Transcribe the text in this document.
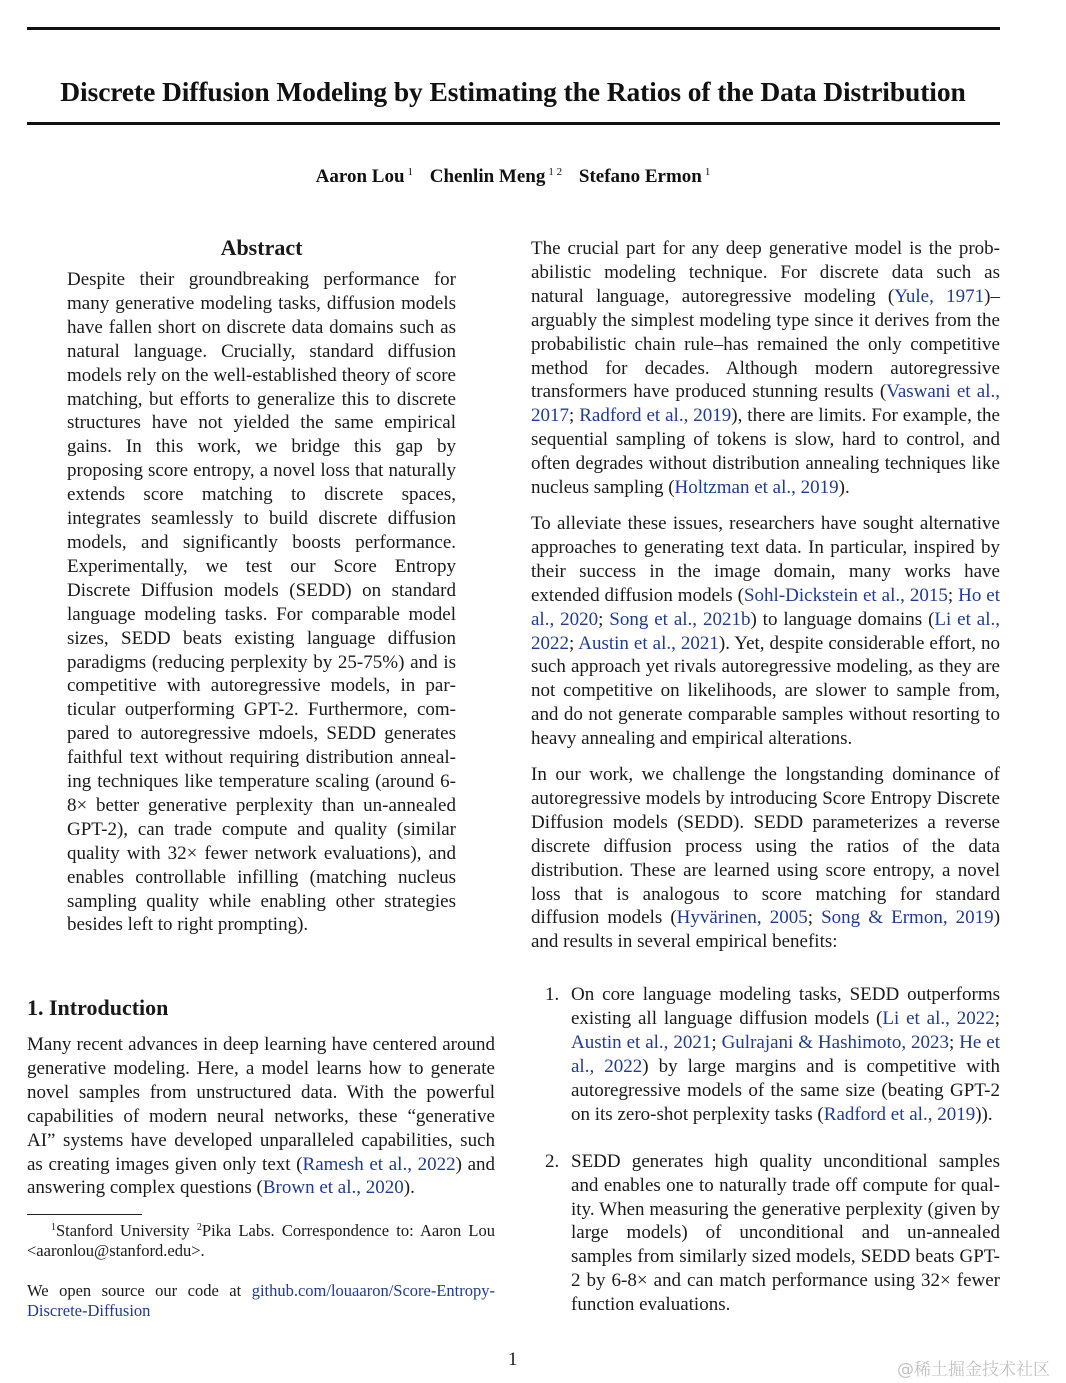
Discrete Diffusion Modeling by Estimating the Ratios of the Data Distribution
Aaron Lou $^1$ Chenlin Meng $^{1 2}$ Stefano Ermon $^1$
Abstract

Despite their groundbreaking performance for many generative modeling tasks, diffusion models have fallen short on discrete data domains such as natural language. Crucially, standard diffusion models rely on the well-established theory of score matching, but efforts to generalize this to discrete structures have not yielded the same empirical gains. In this work, we bridge this gap by proposing score entropy, a novel loss that naturally extends score matching to discrete spaces, integrates seamlessly to build discrete diffusion models, and significantly boosts performance. Experimentally, we test our Score Entropy Discrete Diffusion models (SEDD) on standard language modeling tasks. For comparable model sizes, SEDD beats existing language diffusion paradigms (reducing perplexity by 25-75%) and is competitive with autoregressive models, in particular outperforming GPT-2. Furthermore, compared to autoregressive mdoels, SEDD generates faithful text without requiring distribution annealing techniques like temperature scaling (around 6-8× better generative perplexity than un-annealed GPT-2), can trade compute and quality (similar quality with 32× fewer network evaluations), and enables controllable infilling (matching nucleus sampling quality while enabling other strategies besides left to right prompting).

1. Introduction

Many recent advances in deep learning have centered around generative modeling. Here, a model learns how to generate novel samples from unstructured data. With the powerful capabilities of modern neural networks, these “generative AI” systems have developed unparalleled capabilities, such as creating images given only text (Ramesh et al., 2022) and answering complex questions (Brown et al., 2020).

$^1$Stanford University $^2$Pika Labs. Correspondence to: Aaron Lou <aaronlou@stanford.edu>.

We open source our code at github.com/louaaron/Score-Entropy-Discrete-Diffusion

The crucial part for any deep generative model is the probabilistic modeling technique. For discrete data such as natural language, autoregressive modeling (Yule, 1971)– arguably the simplest modeling type since it derives from the probabilistic chain rule–has remained the only competitive method for decades. Although modern autoregressive transformers have produced stunning results (Vaswani et al., 2017; Radford et al., 2019), there are limits. For example, the sequential sampling of tokens is slow, hard to control, and often degrades without distribution annealing techniques like nucleus sampling (Holtzman et al., 2019).

To alleviate these issues, researchers have sought alternative approaches to generating text data. In particular, inspired by their success in the image domain, many works have extended diffusion models (Sohl-Dickstein et al., 2015; Ho et al., 2020; Song et al., 2021b) to language domains (Li et al., 2022; Austin et al., 2021). Yet, despite considerable effort, no such approach yet rivals autoregressive modeling, as they are not competitive on likelihoods, are slower to sample from, and do not generate comparable samples without resorting to heavy annealing and empirical alterations.

In our work, we challenge the longstanding dominance of autoregressive models by introducing Score Entropy Discrete Diffusion models (SEDD). SEDD parameterizes a reverse discrete diffusion process using the ratios of the data distribution. These are learned using score entropy, a novel loss that is analogous to score matching for standard diffusion models (Hyvärinen, 2005; Song & Ermon, 2019) and results in several empirical benefits:

1. On core language modeling tasks, SEDD outperforms existing all language diffusion models (Li et al., 2022; Austin et al., 2021; Gulrajani & Hashimoto, 2023; He et al., 2022) by large margins and is competitive with autoregressive models of the same size (beating GPT-2 on its zero-shot perplexity tasks (Radford et al., 2019)).
2. SEDD generates high quality unconditional samples and enables one to naturally trade off compute for quality. When measuring the generative perplexity (given by large models) of unconditional and un-annealed samples from similarly sized models, SEDD beats GPT-2 by 6-8× and can match performance using 32× fewer function evaluations.
1	@稀土掘金技术社区
